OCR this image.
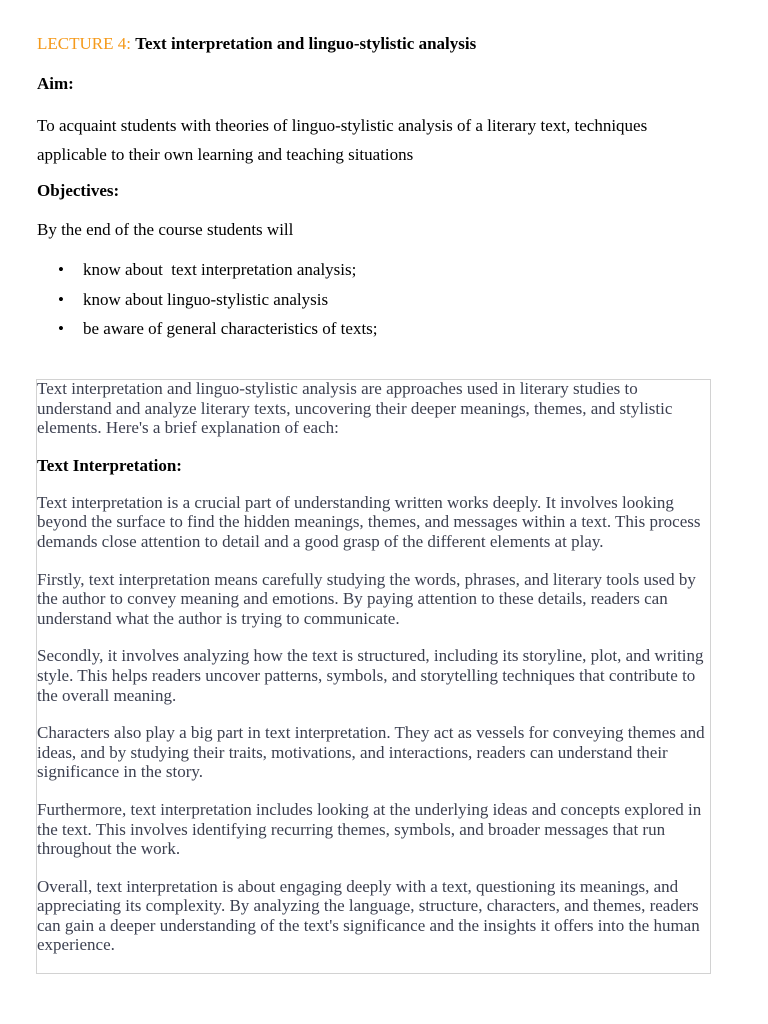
LECTURE 4: Text interpretation and linguo-stylistic analysis
Aim:
To acquaint students with theories of linguo-stylistic analysis of a literary text, techniques applicable to their own learning and teaching situations
Objectives:
By the end of the course students will
• know about  text interpretation analysis;
• know about linguo-stylistic analysis
• be aware of general characteristics of texts;

Text interpretation and linguo-stylistic analysis are approaches used in literary studies to understand and analyze literary texts, uncovering their deeper meanings, themes, and stylistic elements. Here's a brief explanation of each:

Text Interpretation:

Text interpretation is a crucial part of understanding written works deeply. It involves looking beyond the surface to find the hidden meanings, themes, and messages within a text. This process demands close attention to detail and a good grasp of the different elements at play.

Firstly, text interpretation means carefully studying the words, phrases, and literary tools used by the author to convey meaning and emotions. By paying attention to these details, readers can understand what the author is trying to communicate.

Secondly, it involves analyzing how the text is structured, including its storyline, plot, and writing style. This helps readers uncover patterns, symbols, and storytelling techniques that contribute to the overall meaning.

Characters also play a big part in text interpretation. They act as vessels for conveying themes and ideas, and by studying their traits, motivations, and interactions, readers can understand their significance in the story.

Furthermore, text interpretation includes looking at the underlying ideas and concepts explored in the text. This involves identifying recurring themes, symbols, and broader messages that run throughout the work.

Overall, text interpretation is about engaging deeply with a text, questioning its meanings, and appreciating its complexity. By analyzing the language, structure, characters, and themes, readers can gain a deeper understanding of the text's significance and the insights it offers into the human experience.
